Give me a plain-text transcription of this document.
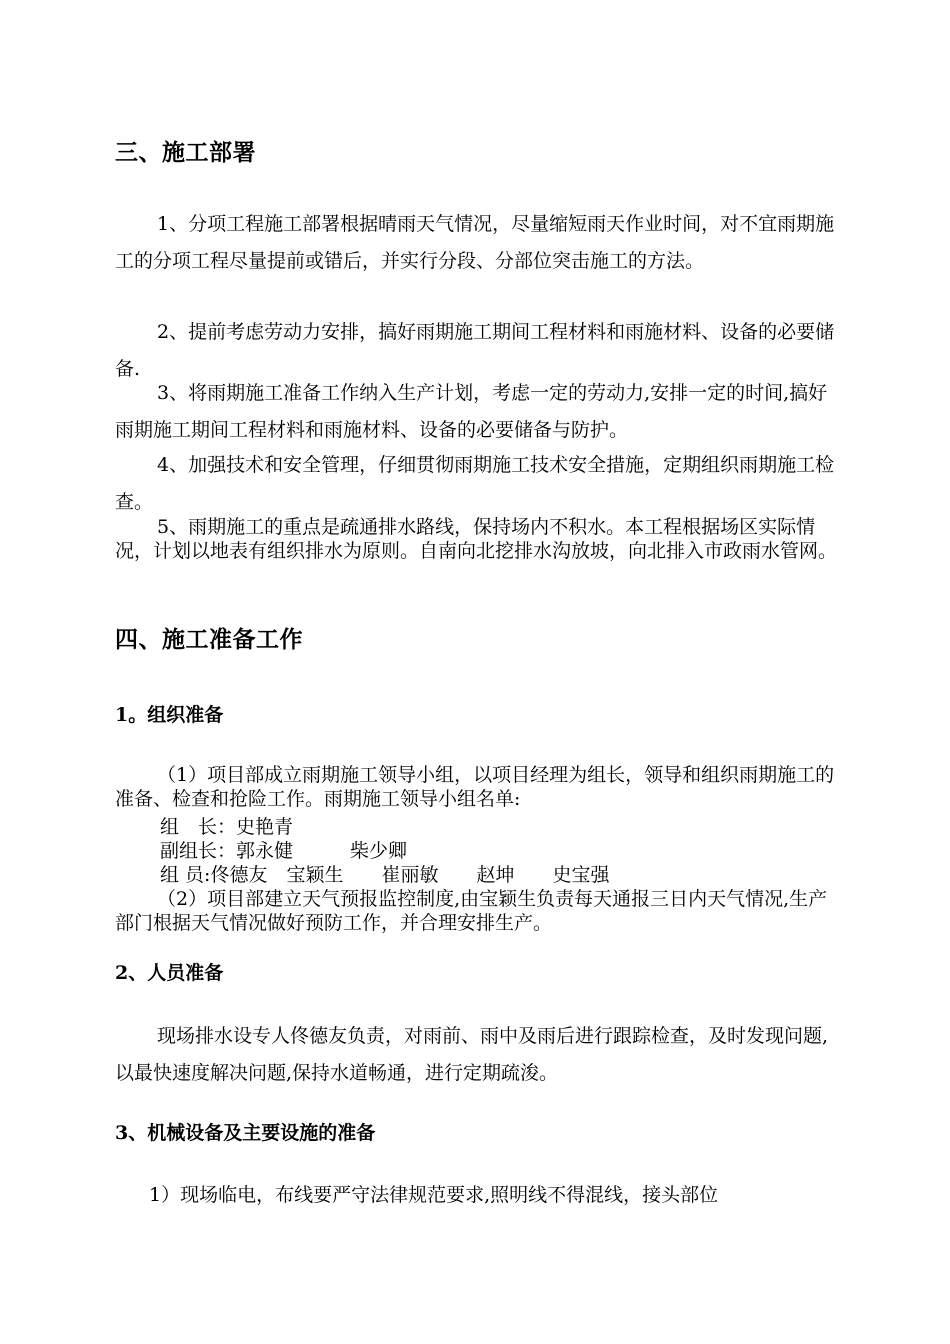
三、施工部署

1、分项工程施工部署根据晴雨天气情况，尽量缩短雨天作业时间，对不宜雨期施工的分项工程尽量提前或错后，并实行分段、分部位突击施工的方法。

2、提前考虑劳动力安排，搞好雨期施工期间工程材料和雨施材料、设备的必要储备.

3、将雨期施工准备工作纳入生产计划，考虑一定的劳动力,安排一定的时间,搞好雨期施工期间工程材料和雨施材料、设备的必要储备与防护。

4、加强技术和安全管理，仔细贯彻雨期施工技术安全措施，定期组织雨期施工检查。

5、雨期施工的重点是疏通排水路线，保持场内不积水。本工程根据场区实际情况，计划以地表有组织排水为原则。自南向北挖排水沟放坡，向北排入市政雨水管网。

四、施工准备工作
1。组织准备

（1）项目部成立雨期施工领导小组，以项目经理为组长，领导和组织雨期施工的准备、检查和抢险工作。雨期施工领导小组名单:

组　长：史艳青
副组长：郭永健　　　柴少卿
组 员:佟德友　宝颖生　　崔丽敏　　赵坤　　史宝强

（2）项目部建立天气预报监控制度,由宝颖生负责每天通报三日内天气情况,生产部门根据天气情况做好预防工作，并合理安排生产。

2、人员准备

现场排水设专人佟德友负责，对雨前、雨中及雨后进行跟踪检查，及时发现问题,以最快速度解决问题,保持水道畅通，进行定期疏浚。

3、机械设备及主要设施的准备

1）现场临电，布线要严守法律规范要求,照明线不得混线，接头部位
